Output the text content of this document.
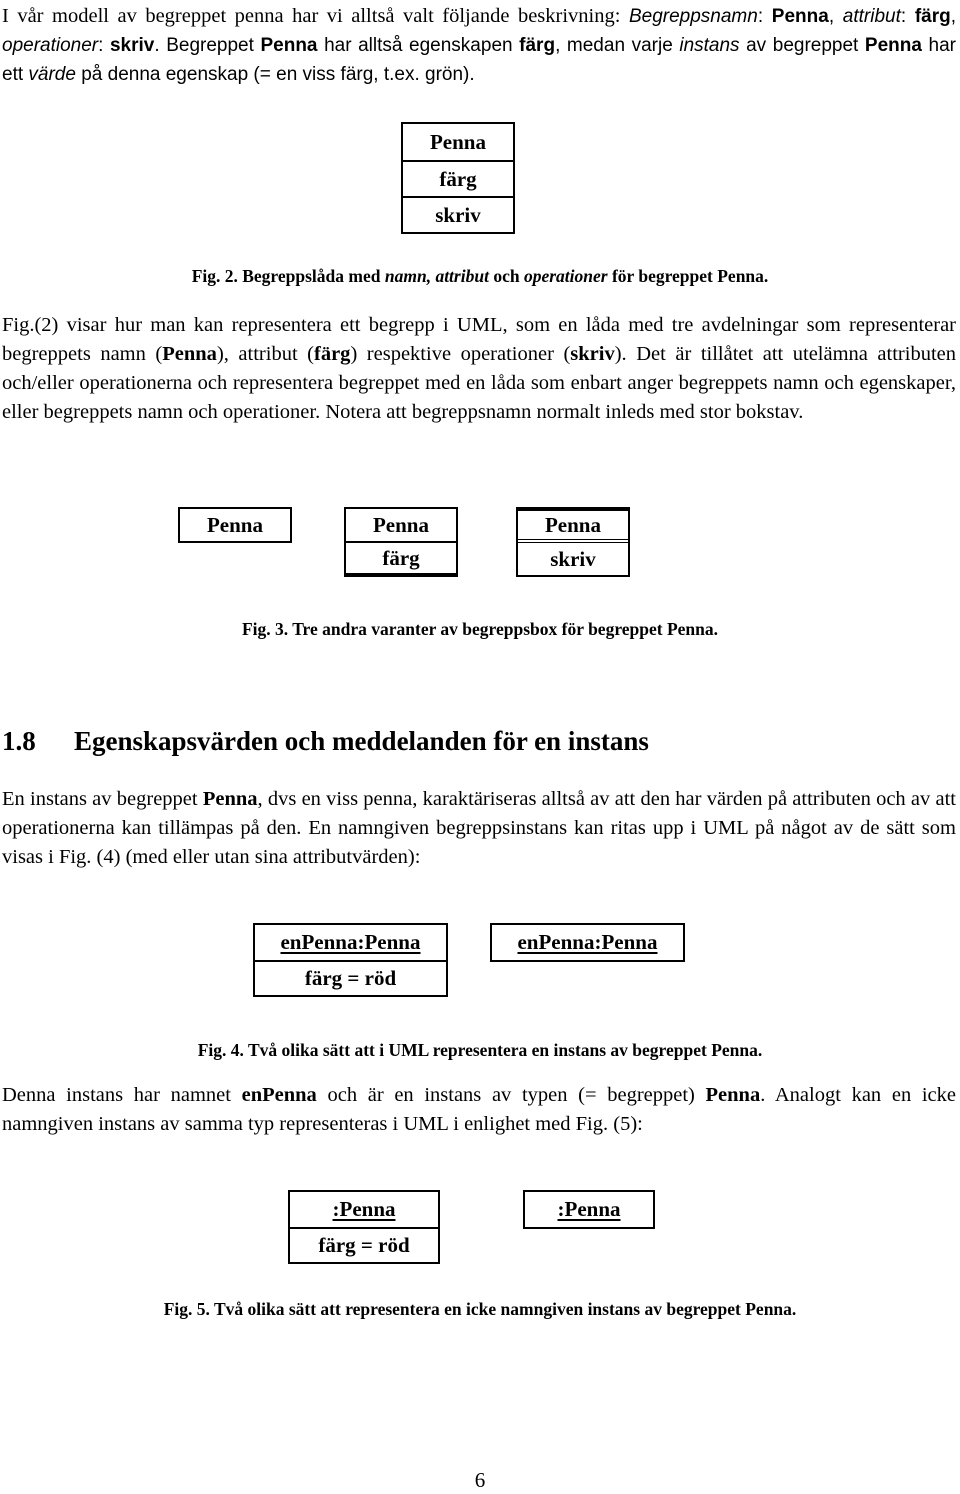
I vår modell av begreppet penna har vi alltså valt följande beskrivning: Begreppsnamn: Penna, attribut: färg, operationer: skriv. Begreppet Penna har alltså egenskapen färg, medan varje instans av begreppet Penna har ett värde på denna egenskap (= en viss färg, t.ex. grön).
Penna
färg
skriv
Fig. 2. Begreppslåda med namn, attribut och operationer för begreppet Penna.
Fig.(2) visar hur man kan representera ett begrepp i UML, som en låda med tre avdelningar som representerar begreppets namn (Penna), attribut (färg) respektive operationer (skriv). Det är tillåtet att utelämna attributen och/eller operationerna och representera begreppet med en låda som enbart anger begreppets namn och egenskaper, eller begreppets namn och operationer. Notera att begreppsnamn normalt inleds med stor bokstav.
Penna	Penna
färg
Penna
skriv
Fig. 3. Tre andra varanter av begreppsbox för begreppet Penna.
1.8 Egenskapsvärden och meddelanden för en instans
En instans av begreppet Penna, dvs en viss penna, karaktäriseras alltså av att den har värden på attributen och av att operationerna kan tillämpas på den. En namngiven begreppsinstans kan ritas upp i UML på något av de sätt som visas i Fig. (4) (med eller utan sina attributvärden):
enPenna:Penna
färg = röd
enPenna:Penna
Fig. 4. Två olika sätt att i UML representera en instans av begreppet Penna.
Denna instans har namnet enPenna och är en instans av typen (= begreppet) Penna. Analogt kan en icke namngiven instans av samma typ representeras i UML i enlighet med Fig. (5):
:Penna
färg = röd
:Penna
Fig. 5. Två olika sätt att representera en icke namngiven instans av begreppet Penna.
6
